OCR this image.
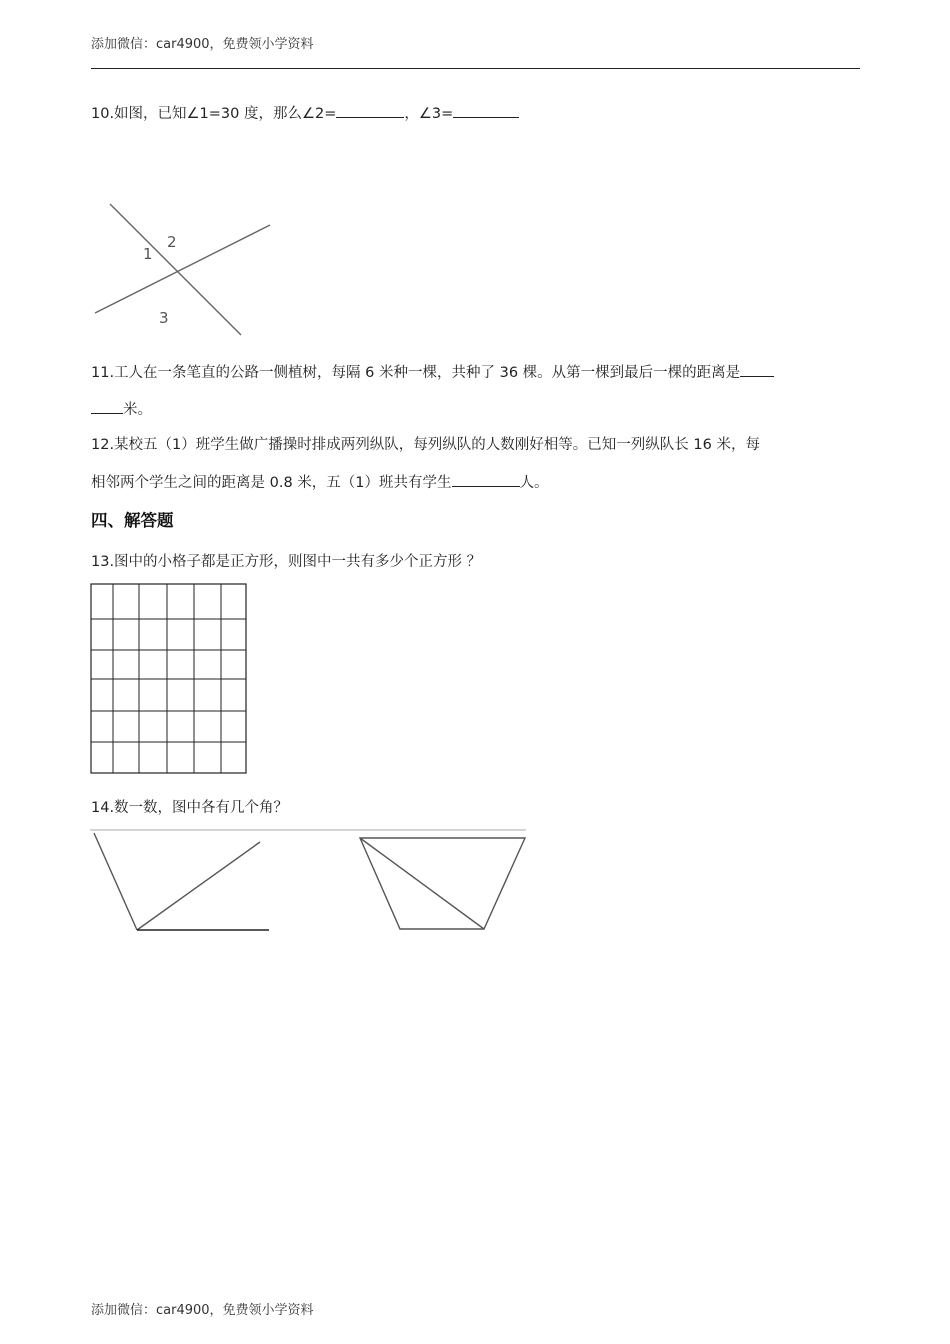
添加微信：car4900，免费领小学资料
10.如图，已知∠1=30 度，那么∠2=	，∠3=
1
2
3
11.工人在一条笔直的公路一侧植树，每隔 6 米种一棵，共种了 36 棵。从第一棵到最后一棵的距离是
米。
12.某校五（1）班学生做广播操时排成两列纵队，每列纵队的人数刚好相等。已知一列纵队长 16 米，每
相邻两个学生之间的距离是 0.8 米，五（1）班共有学生	人。
四、解答题
13.图中的小格子都是正方形，则图中一共有多少个正方形 ？
14.数一数，图中各有几个角？
添加微信：car4900，免费领小学资料
